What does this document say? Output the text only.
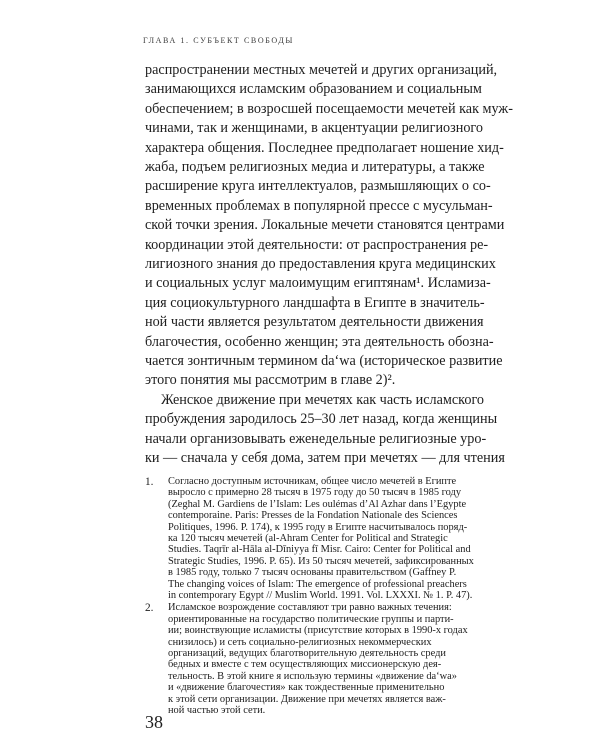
ГЛАВА 1. СУБЪЕКТ СВОБОДЫ
распространении местных мечетей и других организаций,
занимающихся исламским образованием и социальным
обеспечением; в возросшей посещаемости мечетей как муж-
чинами, так и женщинами, в акцентуации религиозного
характера общения. Последнее предполагает ношение хид-
жаба, подъем религиозных медиа и литературы, а также
расширение круга интеллектуалов, размышляющих о со-
временных проблемах в популярной прессе с мусульман-
ской точки зрения. Локальные мечети становятся центрами
координации этой деятельности: от распространения ре-
лигиозного знания до предоставления круга медицинских
и социальных услуг малоимущим египтянам¹. Исламиза-
ция социокультурного ландшафта в Египте в значитель-
ной части является результатом деятельности движения
благочестия, особенно женщин; эта деятельность обозна-
чается зонтичным термином da‘wa (историческое развитие
этого понятия мы рассмотрим в главе 2)².
Женское движение при мечетях как часть исламского
пробуждения зародилось 25–30 лет назад, когда женщины
начали организовывать еженедельные религиозные уро-
ки — сначала у себя дома, затем при мечетях — для чтения
1. Согласно доступным источникам, общее число мечетей в Египте
выросло с примерно 28 тысяч в 1975 году до 50 тысяч в 1985 году
(Zeghal M. Gardiens de l’Islam: Les oulémas d’Al Azhar dans l’Egypte
contemporaine. Paris: Presses de la Fondation Nationale des Sciences
Politiques, 1996. P. 174), к 1995 году в Египте насчитывалось поряд-
ка 120 тысяч мечетей (al-Ahram Center for Political and Strategic
Studies. Taqrīr al-Hāla al-Dīniyya fī Misr. Cairo: Center for Political and
Strategic Studies, 1996. P. 65). Из 50 тысяч мечетей, зафиксированных
в 1985 году, только 7 тысяч основаны правительством (Gaffney P.
The changing voices of Islam: The emergence of professional preachers
in contemporary Egypt // Muslim World. 1991. Vol. LXXXI. № 1. P. 47).
2. Исламское возрождение составляют три равно важных течения:
ориентированные на государство политические группы и парти-
ии; воинствующие исламисты (присутствие которых в 1990-х годах
снизилось) и сеть социально-религиозных некоммерческих
организаций, ведущих благотворительную деятельность среди
бедных и вместе с тем осуществляющих миссионерскую дея-
тельность. В этой книге я использую термины «движение da‘wa»
и «движение благочестия» как тождественные применительно
к этой сети организации. Движение при мечетях является важ-
ной частью этой сети.
38
